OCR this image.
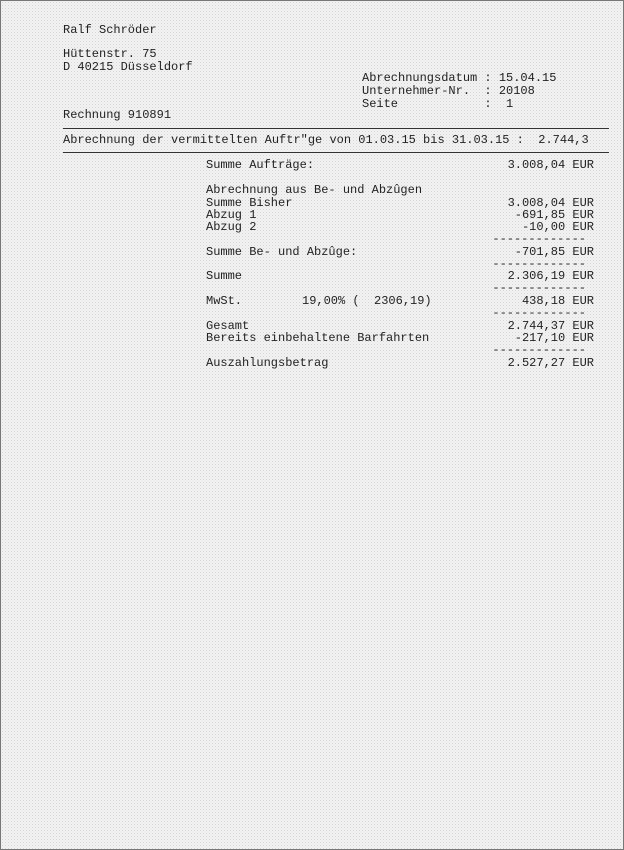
Ralf Schröder
Hüttenstr. 75
D 40215 Düsseldorf
Abrechnungsdatum : 15.04.15
Unternehmer-Nr.  : 20108
Seite            :  1
Rechnung 910891
Abrechnung der vermittelten Auftr"ge von 01.03.15 bis 31.03.15 :  2.744,3
Summe Aufträge:	3.008,04 EUR
Abrechnung aus Be- und Abzûgen
Summe Bisher	3.008,04 EUR
Abzug 1	-691,85 EUR
Abzug 2	-10,00 EUR
-------------
Summe Be- und Abzûge:	-701,85 EUR
-------------
Summe	2.306,19 EUR
-------------
MwSt.	19,00% (  2306,19)	438,18 EUR
-------------
Gesamt	2.744,37 EUR
Bereits einbehaltene Barfahrten	-217,10 EUR
-------------
Auszahlungsbetrag	2.527,27 EUR
